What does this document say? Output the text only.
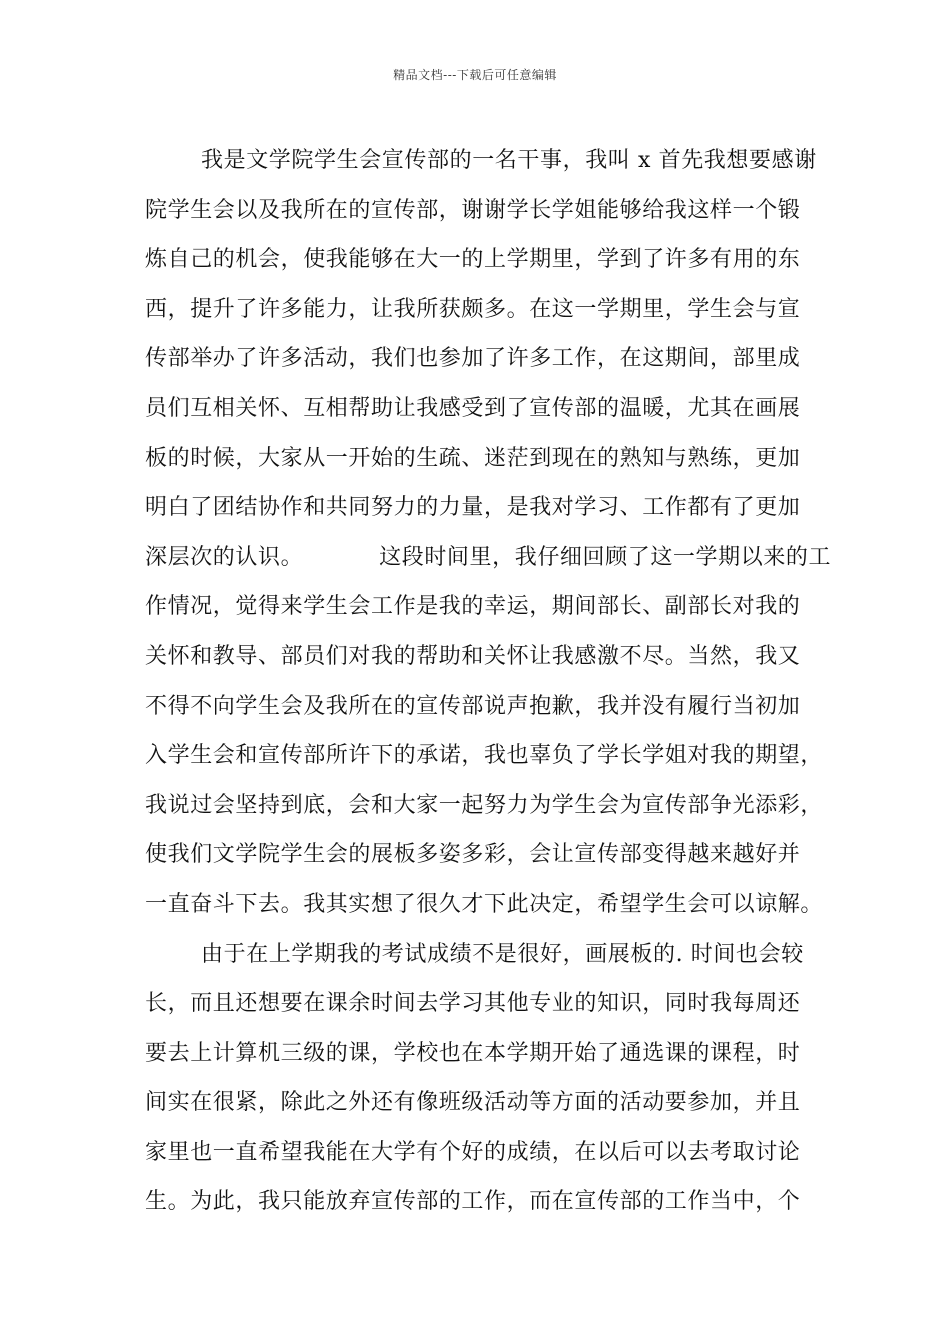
精品文档---下载后可任意编辑
我是文学院学生会宣传部的一名干事，我叫 x 首先我想要感谢
院学生会以及我所在的宣传部，谢谢学长学姐能够给我这样一个锻
炼自己的机会，使我能够在大一的上学期里，学到了许多有用的东
西，提升了许多能力，让我所获颇多。在这一学期里，学生会与宣
传部举办了许多活动，我们也参加了许多工作，在这期间，部里成
员们互相关怀、互相帮助让我感受到了宣传部的温暖，尤其在画展
板的时候，大家从一开始的生疏、迷茫到现在的熟知与熟练，更加
明白了团结协作和共同努力的力量，是我对学习、工作都有了更加
深层次的认识。          这段时间里，我仔细回顾了这一学期以来的工
作情况，觉得来学生会工作是我的幸运，期间部长、副部长对我的
关怀和教导、部员们对我的帮助和关怀让我感激不尽。当然，我又
不得不向学生会及我所在的宣传部说声抱歉，我并没有履行当初加
入学生会和宣传部所许下的承诺，我也辜负了学长学姐对我的期望，
我说过会坚持到底，会和大家一起努力为学生会为宣传部争光添彩，
使我们文学院学生会的展板多姿多彩，会让宣传部变得越来越好并
一直奋斗下去。我其实想了很久才下此决定，希望学生会可以谅解。
由于在上学期我的考试成绩不是很好，画展板的. 时间也会较
长，而且还想要在课余时间去学习其他专业的知识，同时我每周还
要去上计算机三级的课，学校也在本学期开始了通选课的课程，时
间实在很紧，除此之外还有像班级活动等方面的活动要参加，并且
家里也一直希望我能在大学有个好的成绩，在以后可以去考取讨论
生。为此，我只能放弃宣传部的工作，而在宣传部的工作当中，个
